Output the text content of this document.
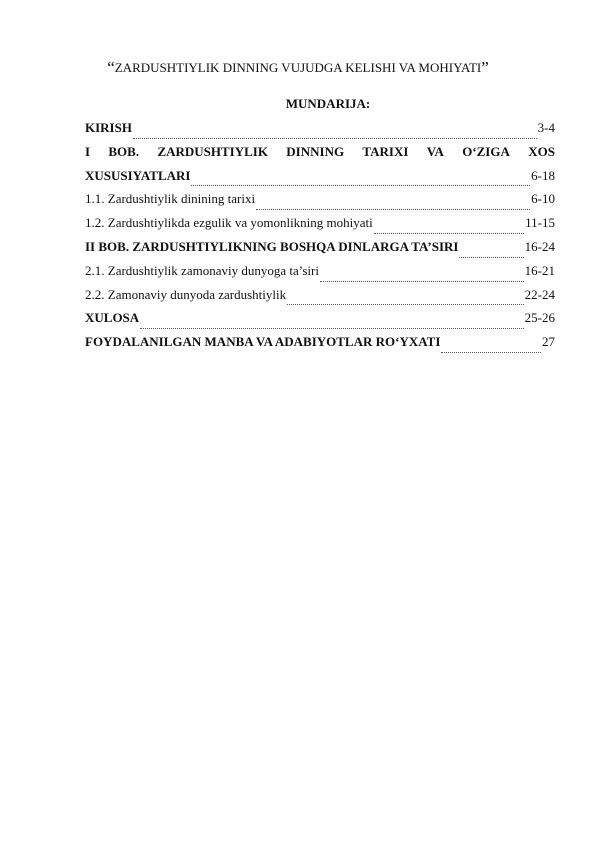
“ZARDUSHTIYLIK DINNING VUJUDGA KELISHI VA MOHIYATI”
MUNDARIJA:
KIRISH	3-4
I BOB. ZARDUSHTIYLIK DINNING TARIXI VA O‘ZIGA XOS
XUSUSIYATLARI	6-18
1.1. Zardushtiylik dinining tarixi	6-10
1.2. Zardushtiylikda ezgulik va yomonlikning mohiyati	11-15
II BOB. ZARDUSHTIYLIKNING BOSHQA DINLARGA TA’SIRI	16-24
2.1. Zardushtiylik zamonaviy dunyoga ta’siri	16-21
2.2. Zamonaviy dunyoda zardushtiylik	22-24
XULOSA	25-26
FOYDALANILGAN MANBA VA ADABIYOTLAR RO‘YXATI	27
